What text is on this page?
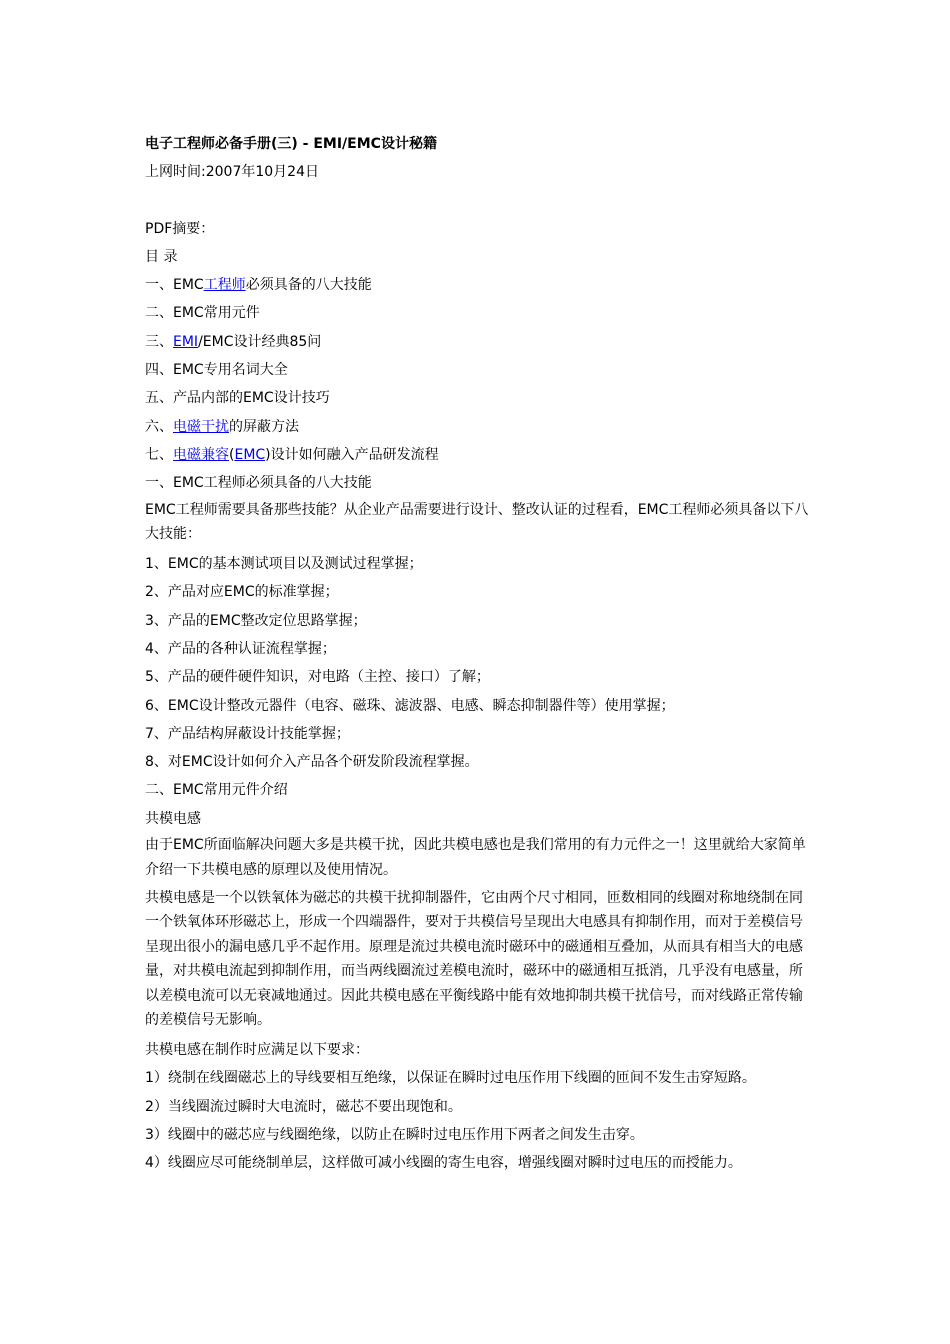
电子工程师必备手册(三) - EMI/EMC设计秘籍

上网时间:2007年10月24日

PDF摘要：

目 录

一、EMC工程师必须具备的八大技能

二、EMC常用元件

三、EMI/EMC设计经典85问

四、EMC专用名词大全

五、产品内部的EMC设计技巧

六、电磁干扰的屏蔽方法

七、电磁兼容(EMC)设计如何融入产品研发流程

一、EMC工程师必须具备的八大技能

EMC工程师需要具备那些技能？从企业产品需要进行设计、整改认证的过程看，EMC工程师必须具备以下八大技能：

1、EMC的基本测试项目以及测试过程掌握；

2、产品对应EMC的标准掌握；

3、产品的EMC整改定位思路掌握；

4、产品的各种认证流程掌握；

5、产品的硬件硬件知识，对电路（主控、接口）了解；

6、EMC设计整改元器件（电容、磁珠、滤波器、电感、瞬态抑制器件等）使用掌握；

7、产品结构屏蔽设计技能掌握；

8、对EMC设计如何介入产品各个研发阶段流程掌握。

二、EMC常用元件介绍

共模电感

由于EMC所面临解决问题大多是共模干扰，因此共模电感也是我们常用的有力元件之一！这里就给大家简单介绍一下共模电感的原理以及使用情况。

共模电感是一个以铁氧体为磁芯的共模干扰抑制器件，它由两个尺寸相同，匝数相同的线圈对称地绕制在同一个铁氧体环形磁芯上，形成一个四端器件，要对于共模信号呈现出大电感具有抑制作用，而对于差模信号呈现出很小的漏电感几乎不起作用。原理是流过共模电流时磁环中的磁通相互叠加，从而具有相当大的电感量，对共模电流起到抑制作用，而当两线圈流过差模电流时，磁环中的磁通相互抵消，几乎没有电感量，所以差模电流可以无衰减地通过。因此共模电感在平衡线路中能有效地抑制共模干扰信号，而对线路正常传输的差模信号无影响。

共模电感在制作时应满足以下要求：

1）绕制在线圈磁芯上的导线要相互绝缘，以保证在瞬时过电压作用下线圈的匝间不发生击穿短路。

2）当线圈流过瞬时大电流时，磁芯不要出现饱和。

3）线圈中的磁芯应与线圈绝缘，以防止在瞬时过电压作用下两者之间发生击穿。

4）线圈应尽可能绕制单层，这样做可减小线圈的寄生电容，增强线圈对瞬时过电压的而授能力。
